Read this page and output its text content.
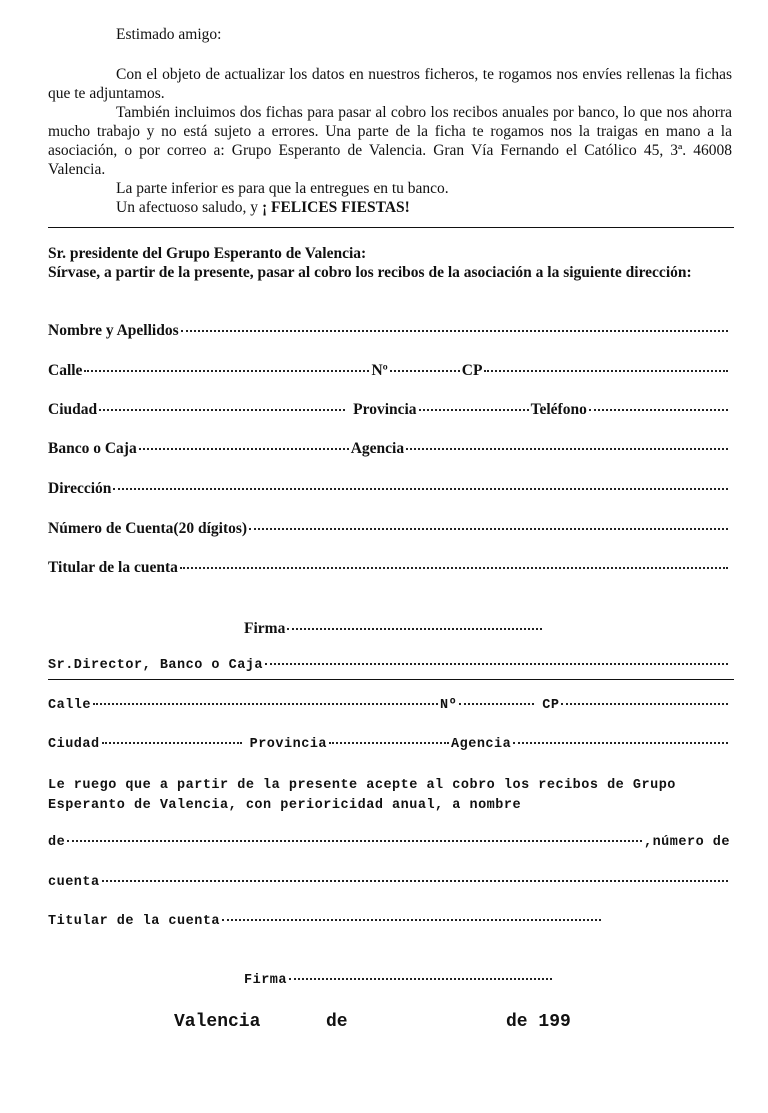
Estimado amigo:

Con el objeto de actualizar los datos en nuestros ficheros, te rogamos nos envíes rellenas la fichas que te adjuntamos.

También incluimos dos fichas para pasar al cobro los recibos anuales por banco, lo que nos ahorra mucho trabajo y no está sujeto a errores. Una parte de la ficha te rogamos nos la traigas en mano a la asociación, o por correo a: Grupo Esperanto de Valencia. Gran Vía Fernando el Católico 45, 3ª. 46008 Valencia.

La parte inferior es para que la entregues en tu banco.

Un afectuoso saludo, y ¡ FELICES FIESTAS!

Sr. presidente del Grupo Esperanto de Valencia:
Sírvase, a partir de la presente, pasar al cobro los recibos de la asociación a la siguiente dirección:
Nombre y Apellidos
Calle	Nº	CP
Ciudad	Provincia	Teléfono
Banco o Caja	Agencia
Dirección
Número de Cuenta(20 dígitos)
Titular de la cuenta
Firma
Sr.Director, Banco o Caja
Calle	Nº	CP
Ciudad	Provincia	Agencia
Le ruego que a partir de la presente acepte al cobro los recibos de Grupo Esperanto de Valencia, con perioricidad anual, a nombre
de	,número de
cuenta
Titular de la cuenta
Firma
Valencia	de	de 199
